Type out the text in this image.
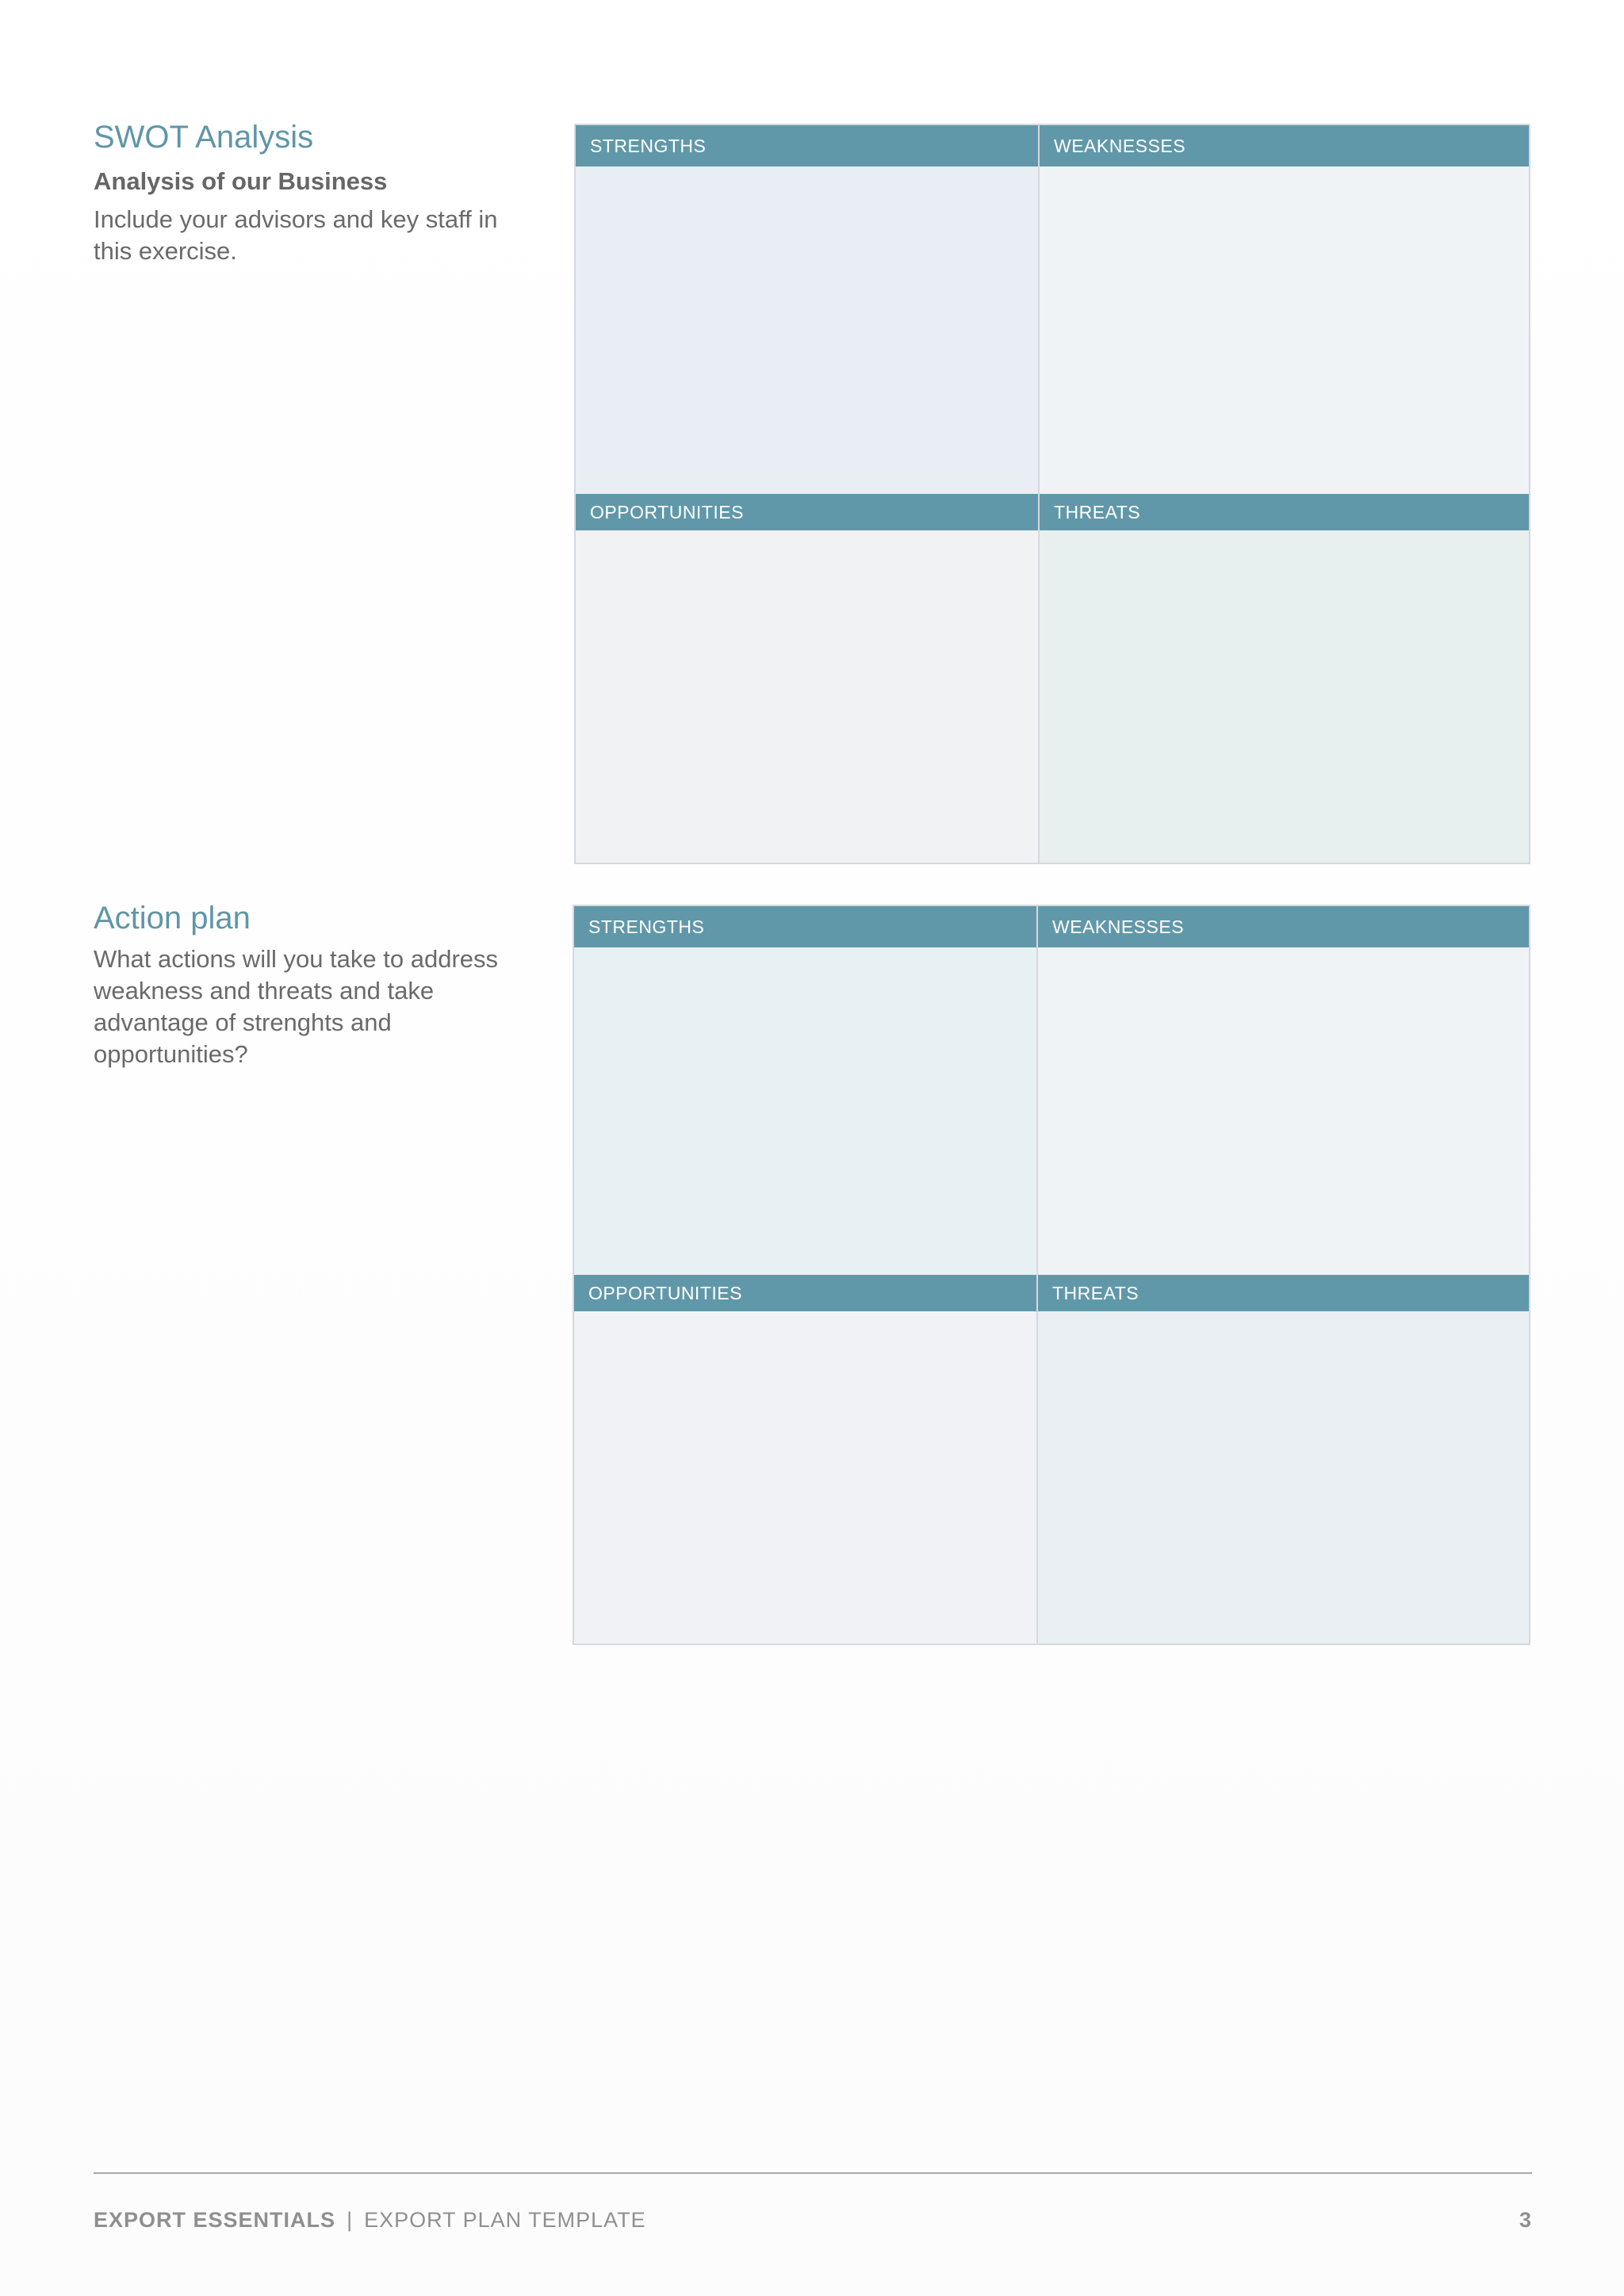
SWOT Analysis
Analysis of our Business
Include your advisors and key staff in this exercise.
STRENGTHS	WEAKNESSES
OPPORTUNITIES	THREATS
Action plan
What actions will you take to address weakness and threats and take advantage of strenghts and opportunities?
STRENGTHS	WEAKNESSES
OPPORTUNITIES	THREATS
EXPORT ESSENTIALS | EXPORT PLAN TEMPLATE	3
